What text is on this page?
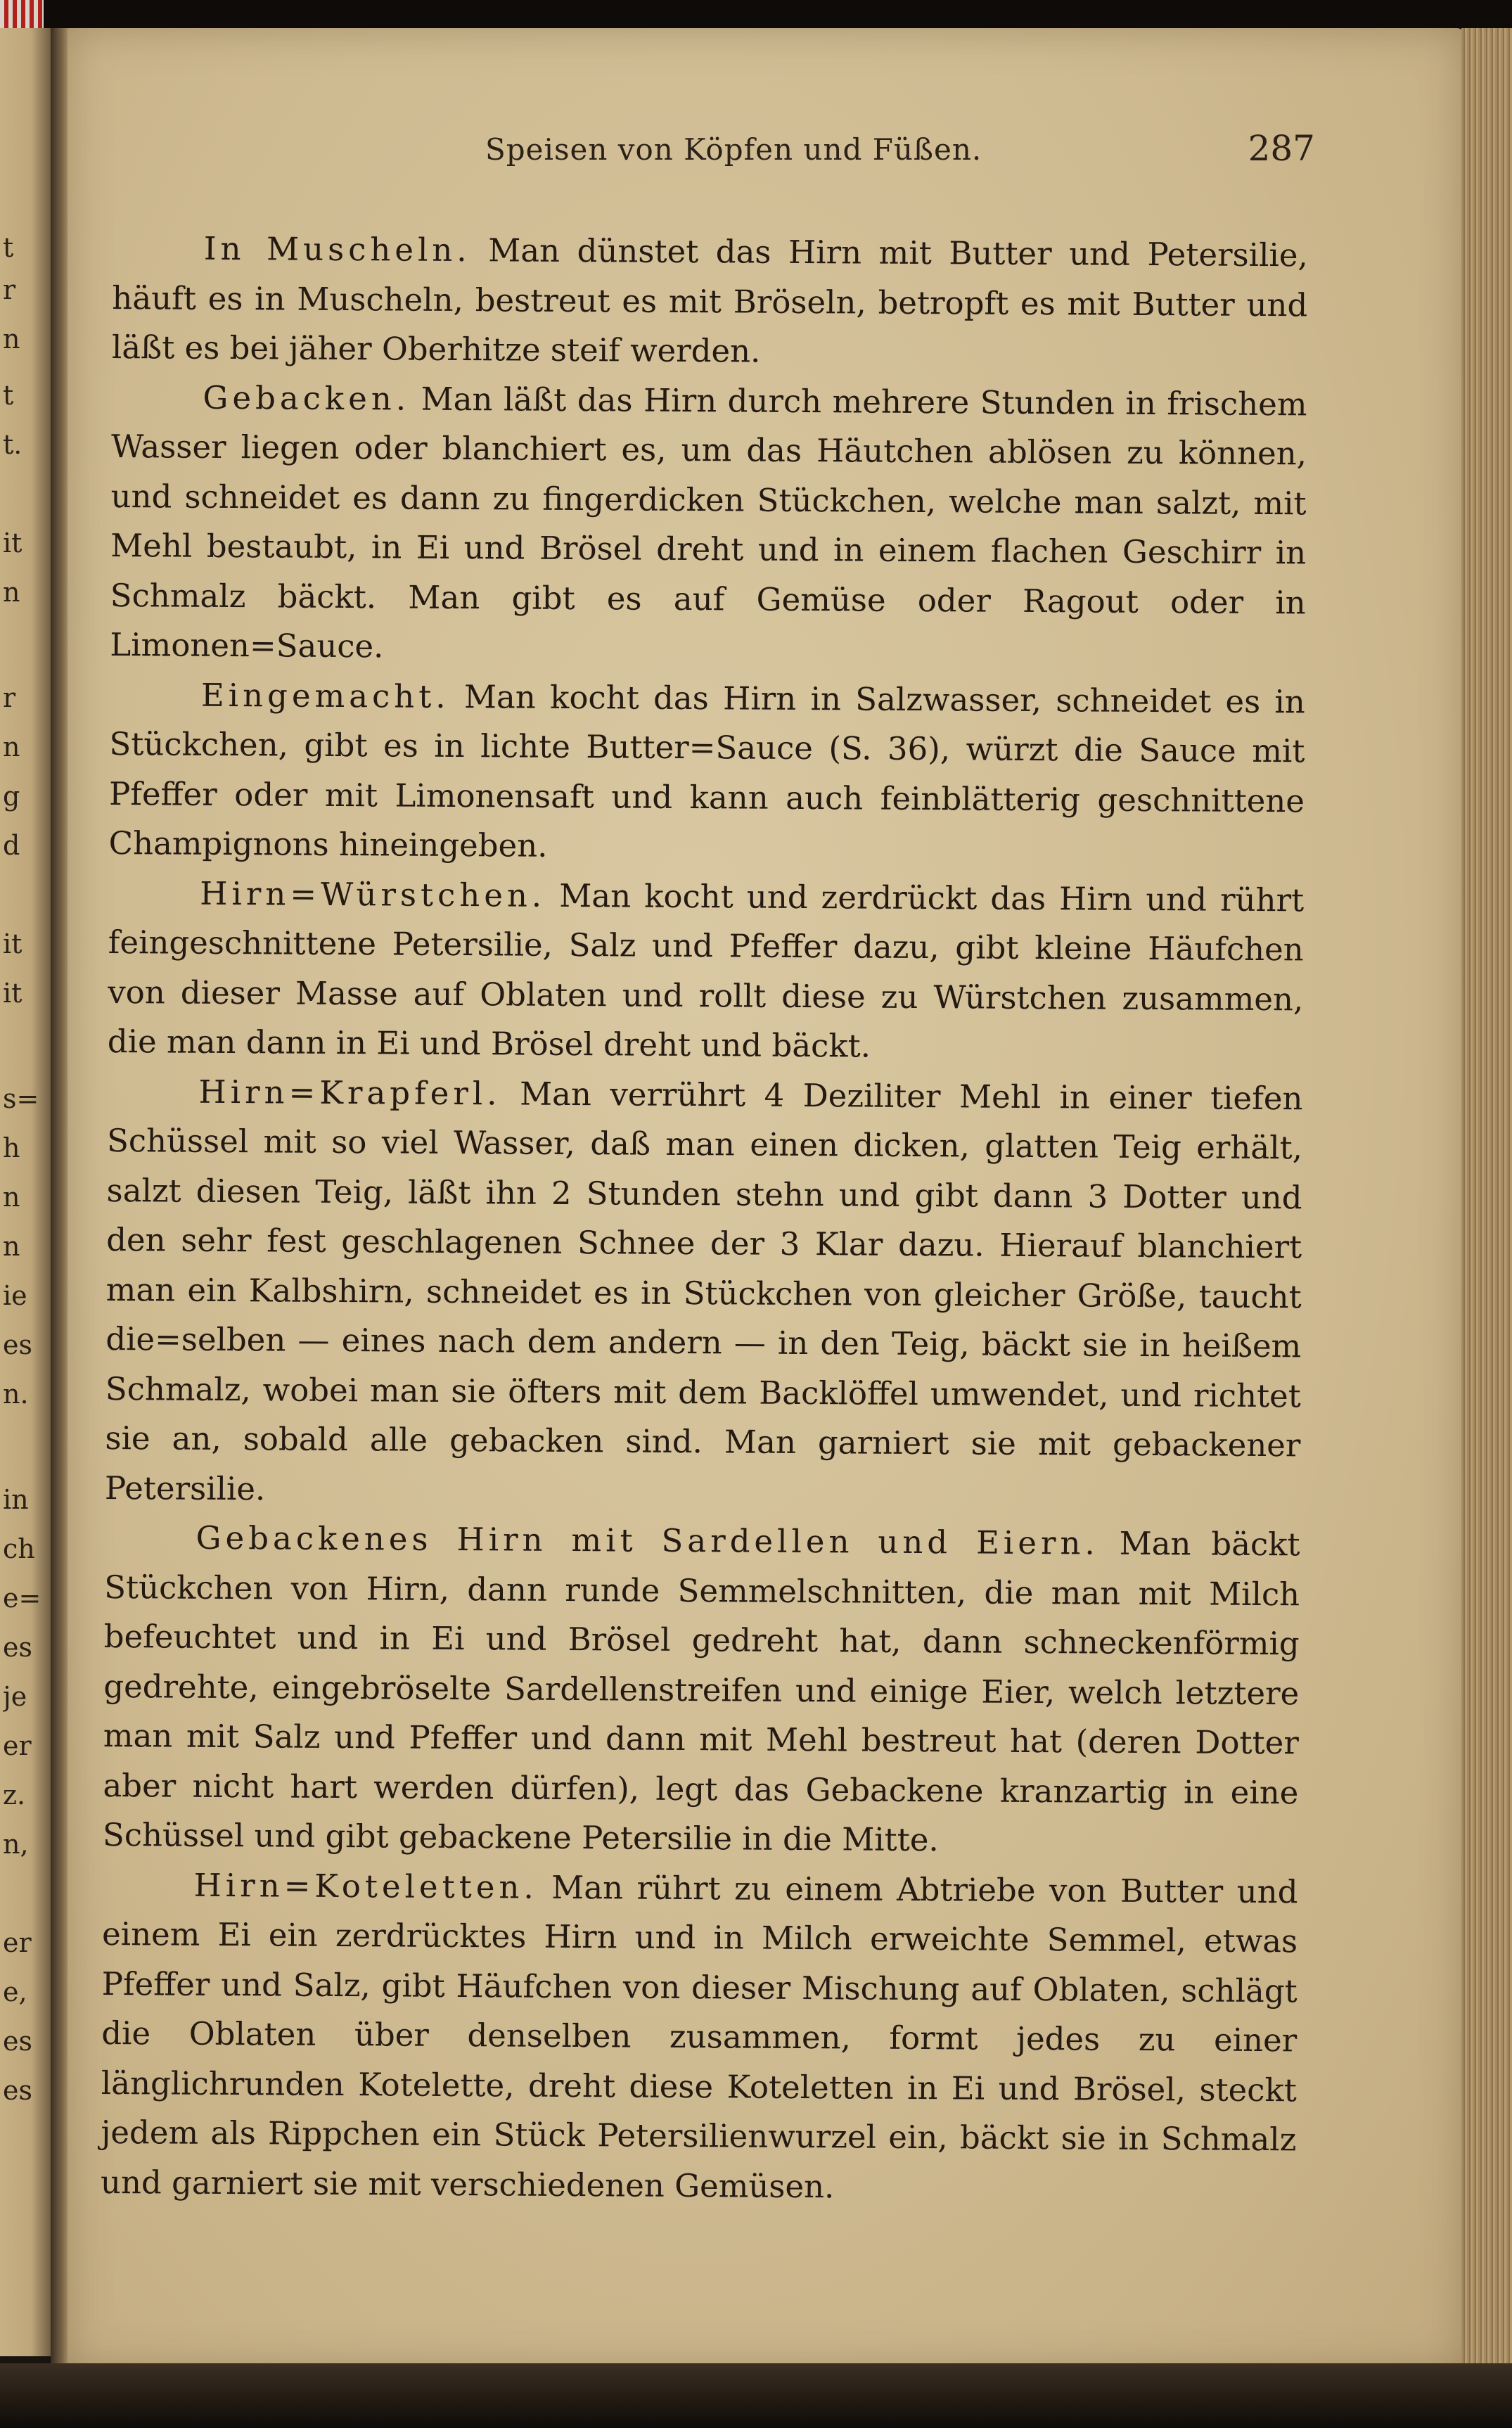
t
r
n
t
t.
it
n
r
n
g
d
it
it
s=
h
n
n
ie
es
n.
in
ch
e=
es
je
er
z.
n,
er
e,
es
es
Speisen von Köpfen und Füßen.	287

In Muscheln. Man dünstet das Hirn mit Butter und Petersilie, häuft es in Muscheln, bestreut es mit Bröseln, betropft es mit Butter und läßt es bei jäher Oberhitze steif werden.

Gebacken. Man läßt das Hirn durch mehrere Stunden in frischem Wasser liegen oder blanchiert es, um das Häutchen ablösen zu können, und schneidet es dann zu fingerdicken Stückchen, welche man salzt, mit Mehl bestaubt, in Ei und Brösel dreht und in einem flachen Geschirr in Schmalz bäckt. Man gibt es auf Gemüse oder Ragout oder in Limonen=Sauce.

Eingemacht. Man kocht das Hirn in Salzwasser, schneidet es in Stückchen, gibt es in lichte Butter=Sauce (S. 36), würzt die Sauce mit Pfeffer oder mit Limonensaft und kann auch feinblätterig geschnittene Champignons hineingeben.

Hirn=Würstchen. Man kocht und zerdrückt das Hirn und rührt feingeschnittene Petersilie, Salz und Pfeffer dazu, gibt kleine Häufchen von dieser Masse auf Oblaten und rollt diese zu Würstchen zusammen, die man dann in Ei und Brösel dreht und bäckt.

Hirn=Krapferl. Man verrührt 4 Deziliter Mehl in einer tiefen Schüssel mit so viel Wasser, daß man einen dicken, glatten Teig erhält, salzt diesen Teig, läßt ihn 2 Stunden stehn und gibt dann 3 Dotter und den sehr fest geschlagenen Schnee der 3 Klar dazu. Hierauf blanchiert man ein Kalbshirn, schneidet es in Stückchen von gleicher Größe, taucht die=selben — eines nach dem andern — in den Teig, bäckt sie in heißem Schmalz, wobei man sie öfters mit dem Backlöffel umwendet, und richtet sie an, sobald alle gebacken sind. Man garniert sie mit gebackener Petersilie.

Gebackenes Hirn mit Sardellen und Eiern. Man bäckt Stückchen von Hirn, dann runde Semmelschnitten, die man mit Milch befeuchtet und in Ei und Brösel gedreht hat, dann schneckenförmig gedrehte, eingebröselte Sardellenstreifen und einige Eier, welch letztere man mit Salz und Pfeffer und dann mit Mehl bestreut hat (deren Dotter aber nicht hart werden dürfen), legt das Gebackene kranzartig in eine Schüssel und gibt gebackene Petersilie in die Mitte.

Hirn=Koteletten. Man rührt zu einem Abtriebe von Butter und einem Ei ein zerdrücktes Hirn und in Milch erweichte Semmel, etwas Pfeffer und Salz, gibt Häufchen von dieser Mischung auf Oblaten, schlägt die Oblaten über denselben zusammen, formt jedes zu einer länglichrunden Kotelette, dreht diese Koteletten in Ei und Brösel, steckt jedem als Rippchen ein Stück Petersilienwurzel ein, bäckt sie in Schmalz und garniert sie mit verschiedenen Gemüsen.
